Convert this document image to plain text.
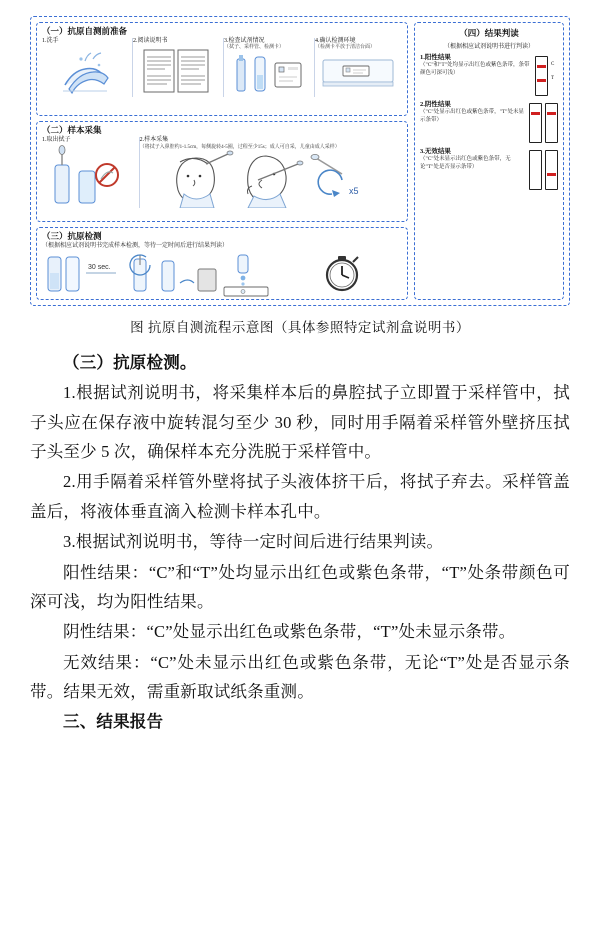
（一）抗原自测前准备
1.洗手	2.阅读说明书	3.检查试剂情况
（拭子、采样管、检测卡）
4.确认检测环境
（检测卡平放于清洁台面）
（二）样本采集
1.取出拭子	2.样本采集
（将拭子入鼻腔约1-1.5cm，每侧旋转4-5圈，过程至少15s；成人可自采，儿童由成人采样）
x5
（三）抗原检测
（根据相应试剂说明书完成样本检测，等待一定时间后进行结果判读）
30 sec.
（四）结果判读
（根据相应试剂说明书进行判读）
1.阳性结果
（"C"和"T"处均显示出红色或紫色条带，条带颜色可深可浅）
C
T
2.阴性结果
（"C"处显示出红色或紫色条带，"T"处未显示条带）
3.无效结果
（"C"处未显示出红色或紫色条带，无论"T"处是否显示条带）
图 抗原自测流程示意图（具体参照特定试剂盒说明书）

（三）抗原检测。

1.根据试剂说明书，将采集样本后的鼻腔拭子立即置于采样管中，拭子头应在保存液中旋转混匀至少 30 秒，同时用手隔着采样管外壁挤压拭子头至少 5 次，确保样本充分洗脱于采样管中。

2.用手隔着采样管外壁将拭子头液体挤干后，将拭子弃去。采样管盖盖后，将液体垂直滴入检测卡样本孔中。

3.根据试剂说明书，等待一定时间后进行结果判读。

阳性结果：“C”和“T”处均显示出红色或紫色条带，“T”处条带颜色可深可浅，均为阳性结果。

阴性结果：“C”处显示出红色或紫色条带，“T”处未显示条带。

无效结果：“C”处未显示出红色或紫色条带，无论“T”处是否显示条带。结果无效，需重新取试纸条重测。

三、结果报告
